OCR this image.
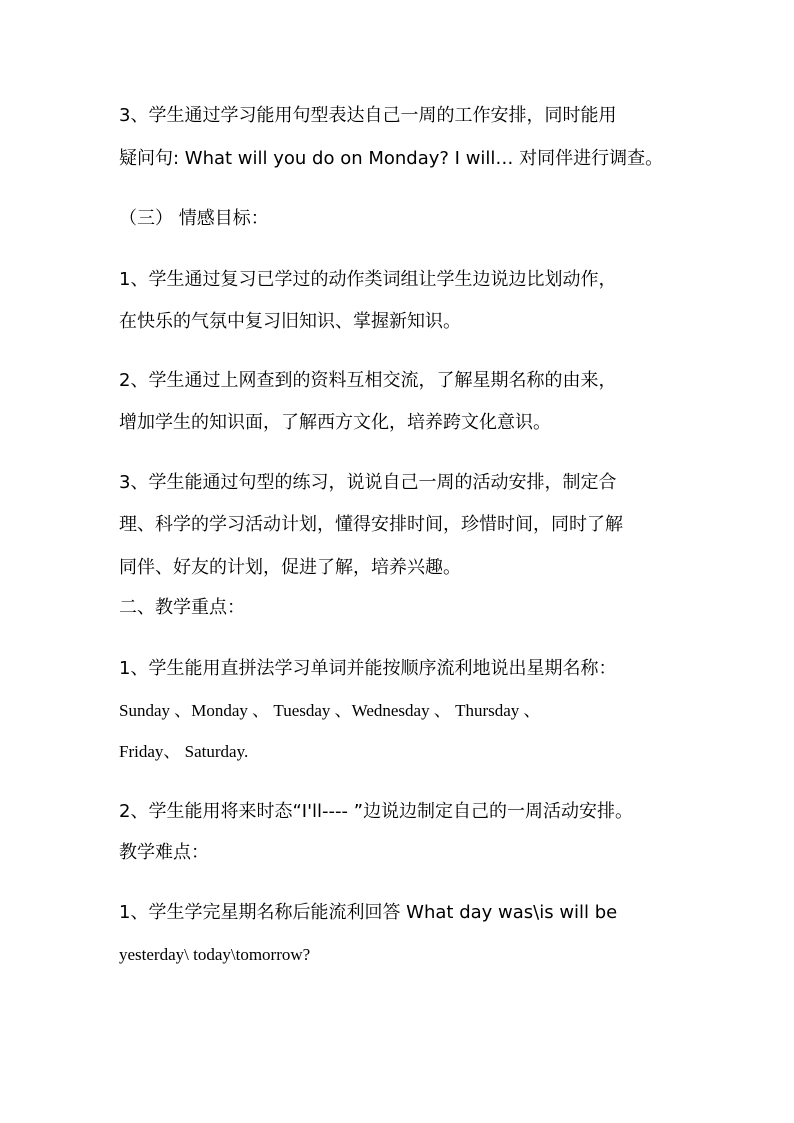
3、学生通过学习能用句型表达自己一周的工作安排，同时能用
疑问句: What will you do on Monday? I will… 对同伴进行调查。
（三） 情感目标：
1、学生通过复习已学过的动作类词组让学生边说边比划动作，
在快乐的气氛中复习旧知识、掌握新知识。
2、学生通过上网查到的资料互相交流，了解星期名称的由来，
增加学生的知识面，了解西方文化，培养跨文化意识。
3、学生能通过句型的练习，说说自己一周的活动安排，制定合
理、科学的学习活动计划，懂得安排时间，珍惜时间，同时了解
同伴、好友的计划，促进了解，培养兴趣。
二、教学重点：
1、学生能用直拼法学习单词并能按顺序流利地说出星期名称：
Sunday 、Monday 、 Tuesday 、Wednesday 、 Thursday 、
Friday、 Saturday.
2、学生能用将来时态“I'll---- ”边说边制定自己的一周活动安排。
教学难点：
1、学生学完星期名称后能流利回答 What day was\is will be
yesterday\ today\tomorrow?
